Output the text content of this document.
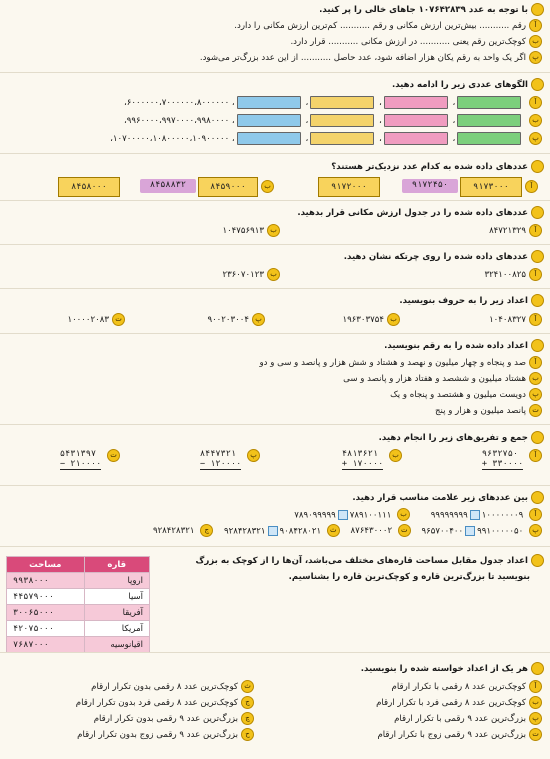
با توجه به عدد ۱۰۷۶۴۲۸۳۹ جاهای خالی را پر کنید.
آرقم ........... بیش‌ترین ارزش مکانی و رقم ........... کم‌ترین ارزش مکانی را دارد.
بکوچک‌ترین رقم یعنی ........... در ارزش مکانی ........... قرار دارد.
پاگر یک واحد به رقم یکان هزار اضافه شود، عدد حاصل ........... از این عدد بزرگ‌تر می‌شود.
الگوهای عددی زیر را ادامه دهید.
آ ، ، ، ، ۶۰۰۰۰۰۰،۷۰۰۰۰۰۰،۸۰۰۰۰۰۰،
ب ، ، ، ، ۹۹۶۰۰۰۰،۹۹۷۰۰۰۰،۹۹۸۰۰۰۰،
پ ، ، ، ، ۱۰۷۰۰۰۰۰،۱۰۸۰۰۰۰۰،۱۰۹۰۰۰۰۰،
عددهای داده شده به کدام عدد نزدیک‌تر هستند؟
۹۱۷۳۰۰۰
۹۱۷۲۴۵۰
۹۱۷۲۰۰۰	آ
۸۴۵۹۰۰۰
۸۴۵۸۸۳۲
۸۴۵۸۰۰۰	ب
عددهای داده شده را در جدول ارزش مکانی قرار بدهید.
آ۸۴۷۲۱۳۲۹
ب۱۰۴۷۵۶۹۱۳
عددهای داده شده را روی چرتکه نشان دهید.
آ۳۲۴۱۰۰۸۲۵
ب۲۳۶۰۷۰۱۲۳
اعداد زیر را به حروف بنویسید.
آ۱۰۴۰۸۳۲۷
ب۱۹۶۳۰۳۷۵۴
پ۹۰۰۲۰۳۰۰۴
ت۱۰۰۰۰۲۰۸۳
اعداد داده شده را به رقم بنویسید.
آصد و پنجاه و چهار میلیون و نهصد و هشتاد و شش هزار و پانصد و سی و دو
بهشتاد میلیون و ششصد و هفتاد هزار و پانصد و سی
پدویست میلیون و هشتصد و پنجاه و یک
تپانصد میلیون و هزار و پنج
جمع و تفریق‌های زیر را انجام دهید.
آ
۹۶۳۲۷۵۰
+ ۳۳۰۰۰۰
ب
۴۸۱۳۶۲۱
+ ۱۷۰۰۰۰
پ
۸۴۴۷۳۲۱
− ۱۲۰۰۰۰
ت
۵۴۳۱۳۹۷
− ۲۱۰۰۰۰
بین عددهای زیر علامت مناسب قرار دهید.
آ ۹۹۹۹۹۹۹۹ ۱۰۰۰۰۰۰۰۹ ب ۷۸۹۰۹۹۹۹۹ ۷۸۹۱۰۰۱۱۱
پ ۹۶۵۷۰۰۴۰۰ ۹۹۱۰۰۰۰۰۵۰ ت ۸۷۶۴۳۰۰۰۲ ث ۹۲۸۴۲۸۳۲۱ ۹۰۸۴۲۸۰۲۱ ج ۹۲۸۴۲۸۳۲۱
اعداد جدول مقابل مساحت قاره‌های مختلف می‌باشد، آن‌ها را از کوچک به بزرگ
بنویسید تا بزرگ‌ترین قاره و کوچک‌ترین قاره را بشناسیم.
قاره	مساحت
اروپا	۹۹۳۸۰۰۰
آسیا	۴۴۵۷۹۰۰۰
آفریقا	۳۰۰۶۵۰۰۰
آمریکا	۴۲۰۷۵۰۰۰
اقیانوسیه	۷۶۸۷۰۰۰
هر یک از اعداد خواسته شده را بنویسید.
آکوچک‌ترین عدد ۸ رقمی با تکرار ارقام
بکوچک‌ترین عدد ۸ رقمی فرد با تکرار ارقام
پبزرگ‌ترین عدد ۹ رقمی با تکرار ارقام
تبزرگ‌ترین عدد ۹ رقمی زوج با تکرار ارقام
ثکوچک‌ترین عدد ۸ رقمی بدون تکرار ارقام
جکوچک‌ترین عدد ۸ رقمی فرد بدون تکرار ارقام
چبزرگ‌ترین عدد ۹ رقمی بدون تکرار ارقام
حبزرگ‌ترین عدد ۹ رقمی زوج بدون تکرار ارقام
